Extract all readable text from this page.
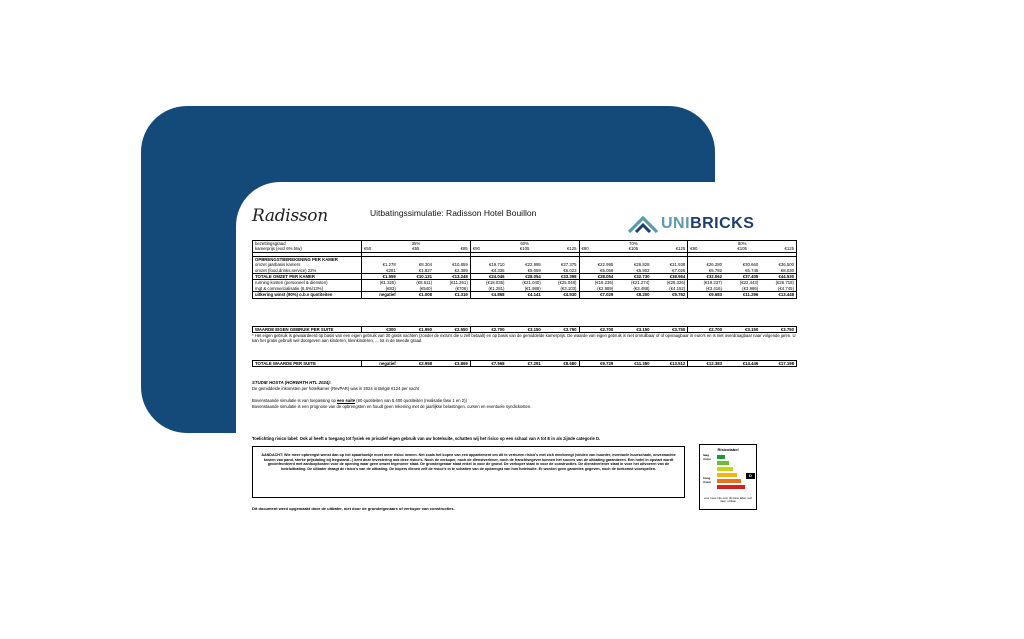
Radisson	Uitbatingssimulatie: Radisson Hotel Bouillon
UNIBRICKS
bezettingsgraad	35%			60%			70%			80%		
kamerprijs (excl 6% btw)	€50	€65	€85	€90	€105	€125	€90	€105	€125	€90	€105	€125

OPBRENGSTBEREKENING PER KAMER												
omzet jaarbasis kamers	€1.278	€8.304	€10.859	€19.710	€22.995	€27.375	€22.995	€26.828	€31.938	€26.280	€30.660	€36.500
omzet (food,drinks,service) 22%	€281	€1.827	€2.389	€4.336	€5.059	€6.023	€5.059	€5.902	€7.026	€5.782	€6.745	€8.030
TOTALE OMZET PER KAMER	€1.559	€10.131	€13.248	€24.046	€28.054	€33.398	€28.054	€32.730	€38.964	€32.062	€37.405	€44.530
running kosten (personeel & diensten)	(€1.325)	(€8.611)	(€11.261)	(€18.035)	(€21.040)	(€25.048)	(€18.235)	(€21.274)	(€25.326)	(€19.237)	(€22.443)	(€26.718)
mgt & commercialisatie (6,5%/13%)	(€83)	(€540)	(€706)	(€1.281)	(€1.989)	(€3.103)	(€2.989)	(€3.488)	(€4.152)	(€3.416)	(€3.986)	(€4.745)
uitkering winst (90%) o.b.v quotiteiten	negatief	€1.008	€1.319	€4.868	€4.141	€4.930	€7.029	€8.200	€9.762	€9.683	€11.296	€13.448
WAARDE EIGEN GEBRUIK PER SUITE	€300	€1.950	€2.550	€2.700	€3.150	€3.750	€2.700	€3.150	€3.750	€2.700	€3.150	€3.750
* Het eigen gebruik is gewaardeerd op basis van een eigen gebruik van 30 gratis nachten (zonder de extra's die u zelf betaalt) en op basis van de gemiddelde kamerprijs. De waarde van eigen gebruik is niet omruilbaar of of opvraagbaar in euro's en is niet overdraagbaar naar volgende jaren. U kan het gratis gebruik wel doorgeven aan kinderen, kleinkinderen, ... tot in de tweede graad.
TOTALE WAARDE PER SUITE	negatief	€2.958	€3.869	€7.568	€7.291	€8.680	€9.729	€11.350	€13.512	€12.383	€14.446	€17.198
STUDIE HOSTA (HORWATH HTL 2024):
De gemiddelde inkomsten per hotelkamer (RevPAR) was in 2024 in België €124 per nacht
Bovenstaande simulatie is van toepassing op een suite (60 quotiteiten van 5.400 quotiteiten (realisatie fase 1 en 2))
Bovenstaande simulatie is een prognose van de opbrengsten en houdt geen rekening met de jaarlijkse belastingen, cursen en eventuele syndickosten.
Toelichting risico label: Ook al heeft u toegang tot fysiek en privatief eigen gebruik van uw hotelsuite, schatten wij het risico op een schaal van A tot E in als zijnde categorie D.
AANDACHT: Wie meer opbrengst wenst dan op het spaarboekje moet meer risico nemen. Net zoals het kopen van een appartement om dit te verhuren risico's met zich meebrengt (vinden van huurder, eventuele huurschade, onverwachte kosten van pand, sterke prijsdaling bij leegstand...) kent deze investering ook deze risico's. Noch de verkoper, noch de dienstverlener, noch de franchisegever kunnen het succes van de uitbating garanderen. Een hotel in opstart wordt geconfronteerd met aanloopkosten voor de opening waar geen omzet tegenover staat. De grondeigenaar staat enkel in voor de grond. De verkoper staat in voor de constructies. De dienstverlener staat in voor het uitvoeren van de hoteluitbating. De uitbater draagt de risico's van de uitbating. De kopers dienen zelf de risico's in te schatten van de opbrengst van hun hotelsuite. Er worden geen garanties gegeven, noch de toekomst voorspellen.
Dit document werd opgemaakt door de uitbater, niet door de grondeigenaars of verkoper van constructies.
Risicolabel
laag
risico
hoog
risico
D
voor meer info over dit risico label, surf naar: uniliste
